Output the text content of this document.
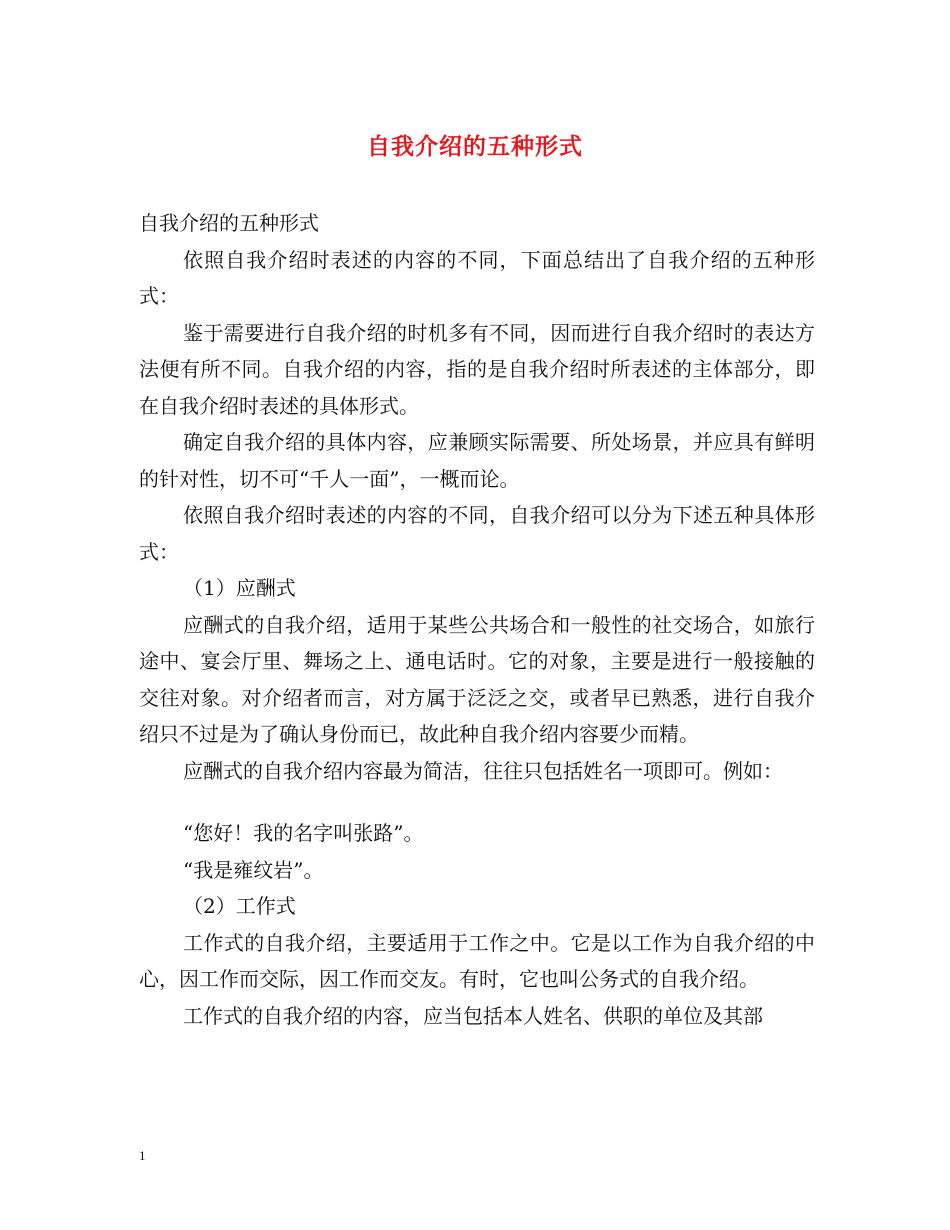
自我介绍的五种形式

自我介绍的五种形式

依照自我介绍时表述的内容的不同，下面总结出了自我介绍的五种形式：

鉴于需要进行自我介绍的时机多有不同，因而进行自我介绍时的表达方法便有所不同。自我介绍的内容，指的是自我介绍时所表述的主体部分，即在自我介绍时表述的具体形式。

确定自我介绍的具体内容，应兼顾实际需要、所处场景，并应具有鲜明的针对性，切不可“千人一面”，一概而论。

依照自我介绍时表述的内容的不同，自我介绍可以分为下述五种具体形式：

（1）应酬式

应酬式的自我介绍，适用于某些公共场合和一般性的社交场合，如旅行途中、宴会厅里、舞场之上、通电话时。它的对象，主要是进行一般接触的交往对象。对介绍者而言，对方属于泛泛之交，或者早已熟悉，进行自我介绍只不过是为了确认身份而已，故此种自我介绍内容要少而精。

应酬式的自我介绍内容最为简洁，往往只包括姓名一项即可。例如：

“您好！我的名字叫张路”。

“我是雍纹岩”。

（2）工作式

工作式的自我介绍，主要适用于工作之中。它是以工作为自我介绍的中心，因工作而交际，因工作而交友。有时，它也叫公务式的自我介绍。

工作式的自我介绍的内容，应当包括本人姓名、供职的单位及其部

1
